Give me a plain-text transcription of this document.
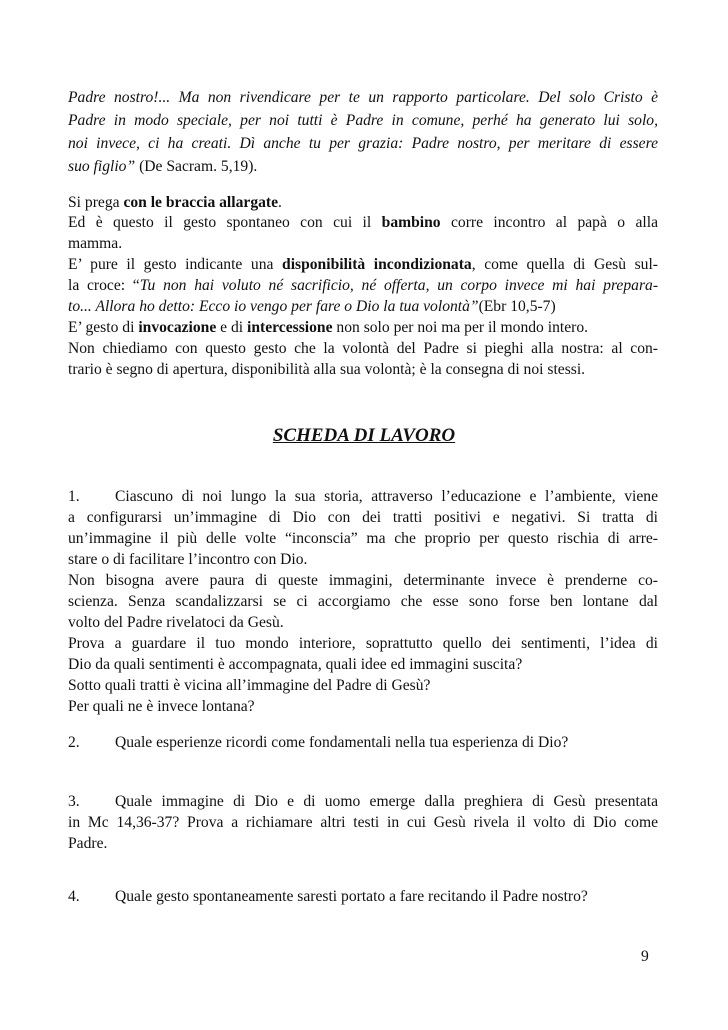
Padre nostro!... Ma non rivendicare per te un rapporto particolare. Del solo Cristo è
Padre in modo speciale, per noi tutti è Padre in comune, perhé ha generato lui solo,
noi invece, ci ha creati. Dì anche tu per grazia: Padre nostro, per meritare di essere
suo figlio” (De Sacram. 5,19).
Si prega con le braccia allargate.
Ed è questo il gesto spontaneo con cui il bambino corre incontro al papà o alla
mamma.
E’ pure il gesto indicante una disponibilità incondizionata, come quella di Gesù sul-
la croce: “Tu non hai voluto né sacrificio, né offerta, un corpo invece mi hai prepara-
to... Allora ho detto: Ecco io vengo per fare o Dio la tua volontà”(Ebr 10,5-7)
E’ gesto di invocazione e di intercessione non solo per noi ma per il mondo intero.
Non chiediamo con questo gesto che la volontà del Padre si pieghi alla nostra: al con-
trario è segno di apertura, disponibilità alla sua volontà; è la consegna di noi stessi.
SCHEDA DI LAVORO
1. Ciascuno di noi lungo la sua storia, attraverso l’educazione e l’ambiente, viene
a configurarsi un’immagine di Dio con dei tratti positivi e negativi. Si tratta di
un’immagine il più delle volte “inconscia” ma che proprio per questo rischia di arre-
stare o di facilitare l’incontro con Dio.
Non bisogna avere paura di queste immagini, determinante invece è prenderne co-
scienza. Senza scandalizzarsi se ci accorgiamo che esse sono forse ben lontane dal
volto del Padre rivelatoci da Gesù.
Prova a guardare il tuo mondo interiore, soprattutto quello dei sentimenti, l’idea di
Dio da quali sentimenti è accompagnata, quali idee ed immagini suscita?
Sotto quali tratti è vicina all’immagine del Padre di Gesù?
Per quali ne è invece lontana?
2. Quale esperienze ricordi come fondamentali nella tua esperienza di Dio?
3. Quale immagine di Dio e di uomo emerge dalla preghiera di Gesù presentata
in Mc 14,36-37? Prova a richiamare altri testi in cui Gesù rivela il volto di Dio come
Padre.
4. Quale gesto spontaneamente saresti portato a fare recitando il Padre nostro?
9
